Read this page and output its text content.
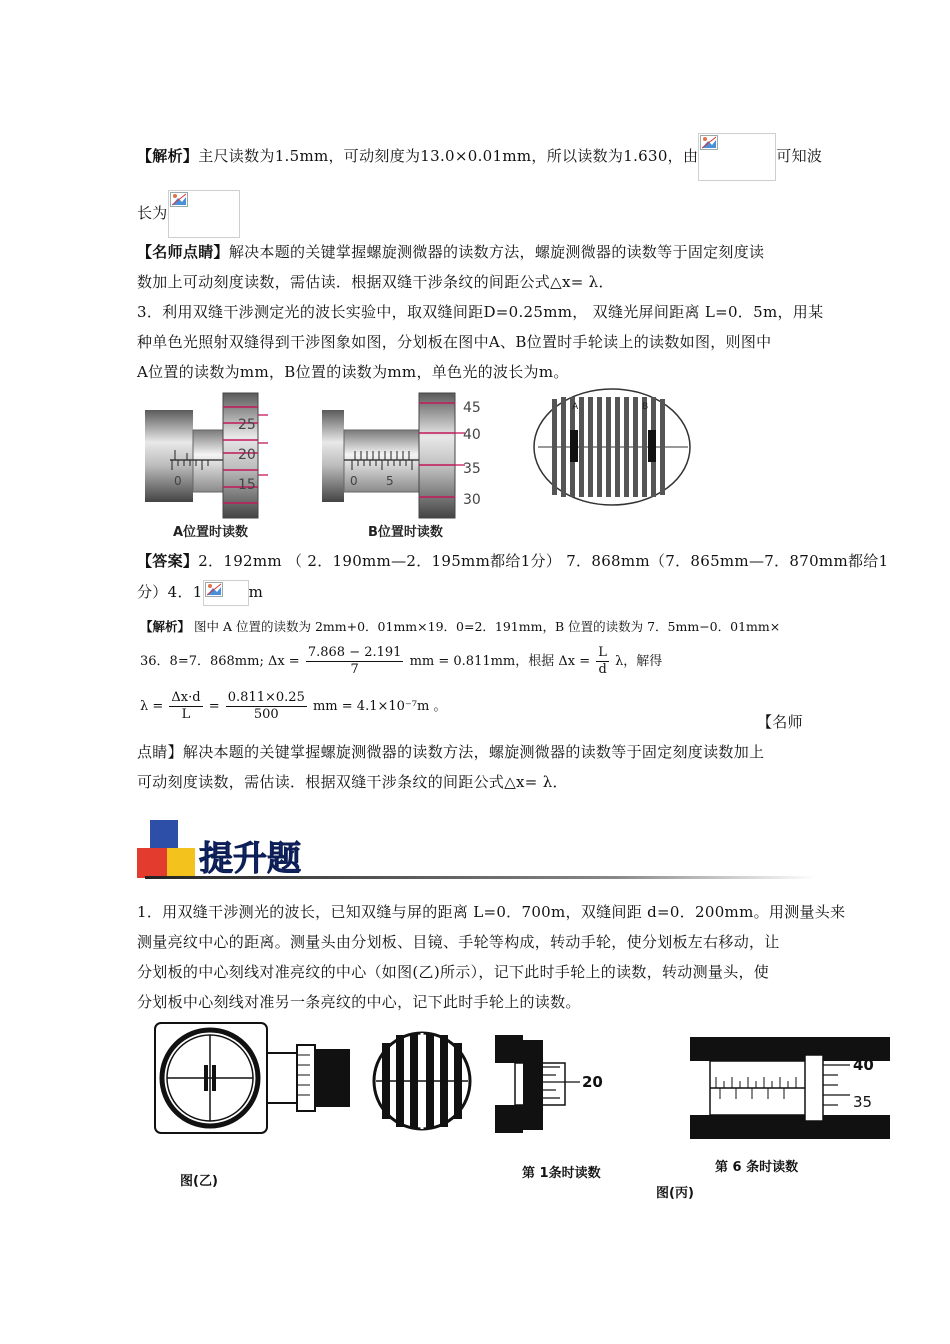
【解析】主尺读数为1.5mm，可动刻度为13.0×0.01mm，所以读数为1.630，由	可知波
长为
【名师点睛】解决本题的关键掌握螺旋测微器的读数方法，螺旋测微器的读数等于固定刻度读
数加上可动刻度读数，需估读．根据双缝干涉条纹的间距公式△x= λ．
3．利用双缝干涉测定光的波长实验中，取双缝间距D=0.25mm， 双缝光屏间距离 L=0．5m，用某
种单色光照射双缝得到干涉图象如图，分划板在图中A、B位置时手轮读上的读数如图，则图中
A位置的读数为mm，B位置的读数为mm，单色光的波长为m。
0
25
20
15
A位置时读数
0 5
45
40
35
30
B位置时读数
A	B
【答案】2．192mm （ 2．190mm—2．195mm都给1分） 7．868mm（7．865mm—7．870mm都给1
分）4．1	m
【解析】 图中 A 位置的读数为 2mm+0．01mm×19．0=2．191mm，B 位置的读数为 7．5mm−0．01mm×
36．8=7．868mm; $\Delta x = \frac{7.868 - 2.191}{7}$ mm = 0.811mm，根据 $\Delta x = \frac{L}{d}$ λ，解得
$\lambda = \frac{\Delta x\cdot d}{L} = \frac{0.811\times 0.25}{500}$ mm = 4.1×10⁻⁷m 。
【名师
点睛】解决本题的关键掌握螺旋测微器的读数方法，螺旋测微器的读数等于固定刻度读数加上
可动刻度读数，需估读．根据双缝干涉条纹的间距公式△x= λ．
提升题
1．用双缝干涉测光的波长，已知双缝与屏的距离 L=0．700m，双缝间距 d=0．200mm。用测量头来
测量亮纹中心的距离。测量头由分划板、目镜、手轮等构成，转动手轮，使分划板左右移动，让
分划板的中心刻线对准亮纹的中心（如图(乙)所示），记下此时手轮上的读数，转动测量头，使
分划板中心刻线对准另一条亮纹的中心，记下此时手轮上的读数。
图(乙)
20
第 1条时读数
40
35
第 6 条时读数
图(丙)
